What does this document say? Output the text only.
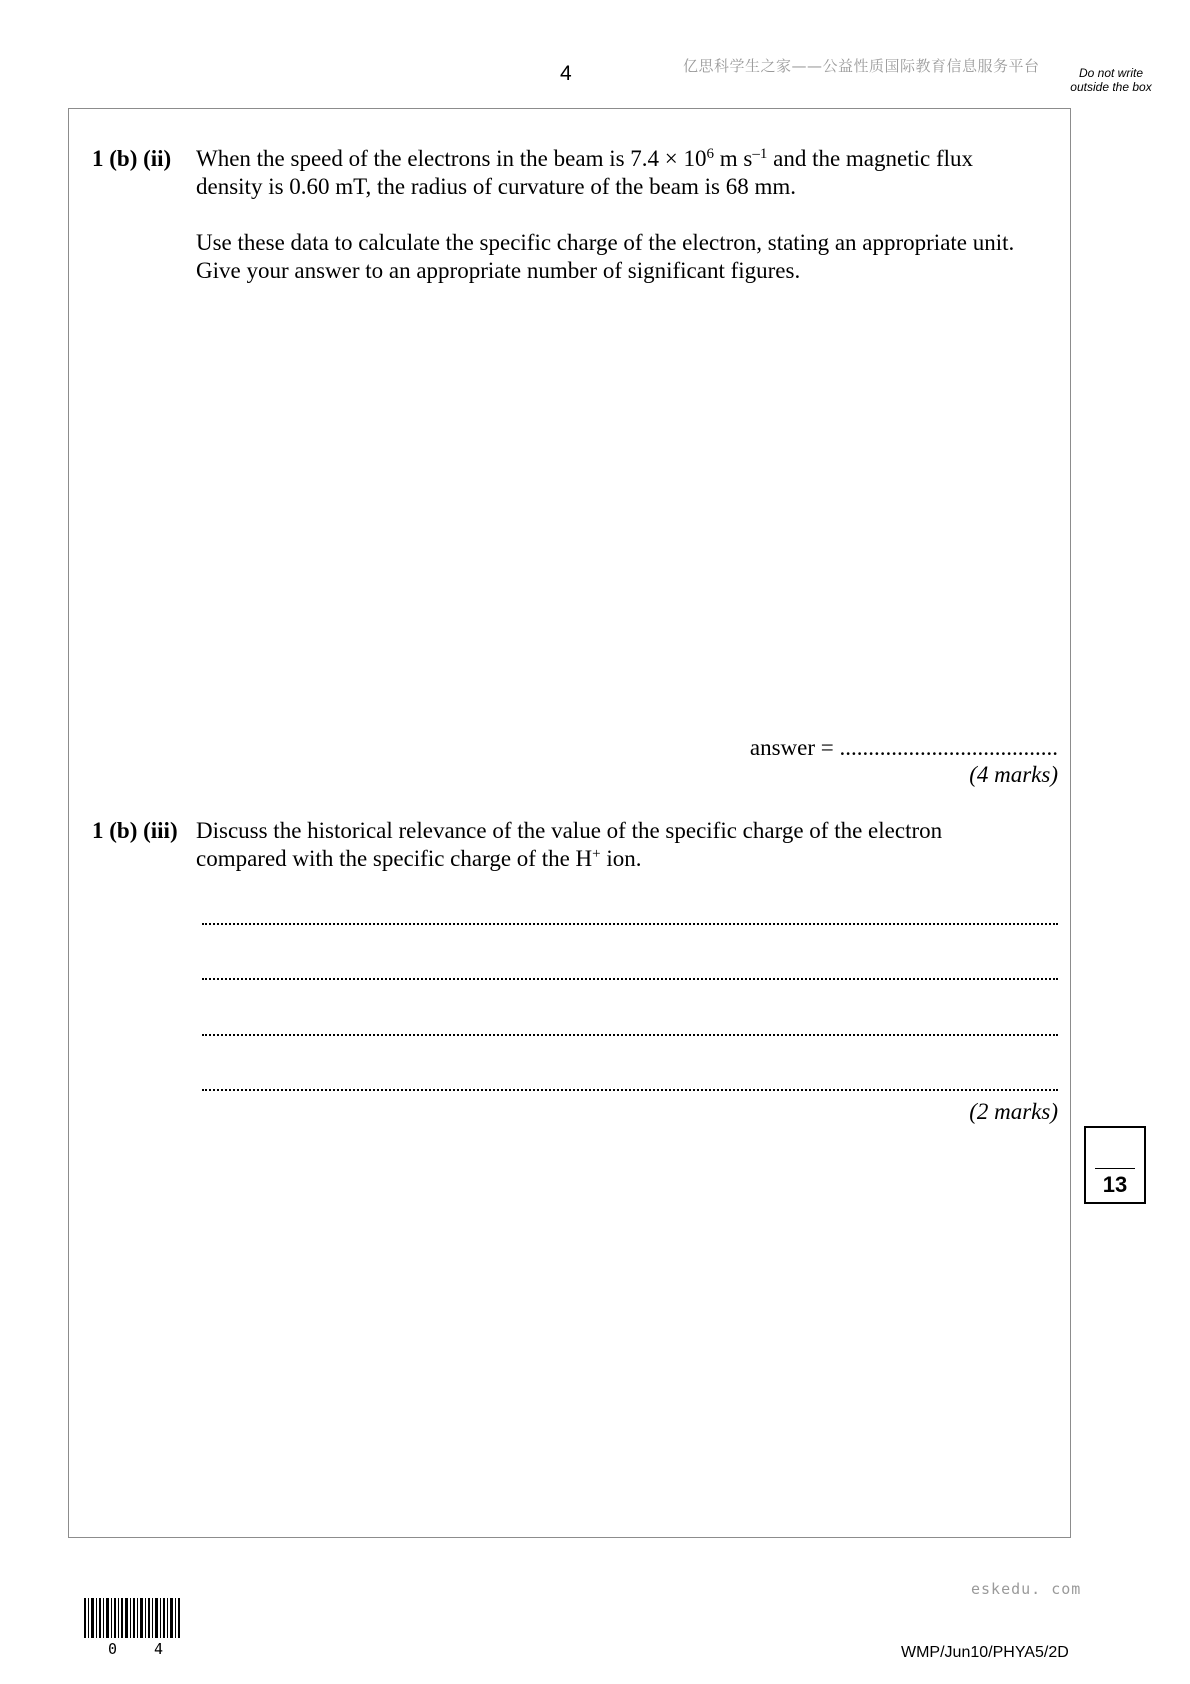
4	亿思科学生之家——公益性质国际教育信息服务平台	Do not write outside the box
1 (b) (ii) When the speed of the electrons in the beam is $7.4 \times 10^6$ m $s^{-1}$ and the magnetic flux
density is 0.60 mT, the radius of curvature of the beam is 68 mm.
Use these data to calculate the specific charge of the electron, stating an appropriate unit. Give your answer to an appropriate number of significant figures.
answer = ......................................
(4 marks)
1 (b) (iii) Discuss the historical relevance of the value of the specific charge of the electron
compared with the specific charge of the H+ ion.
(2 marks)
13
eskedu. com
0 4	WMP/Jun10/PHYA5/2D
